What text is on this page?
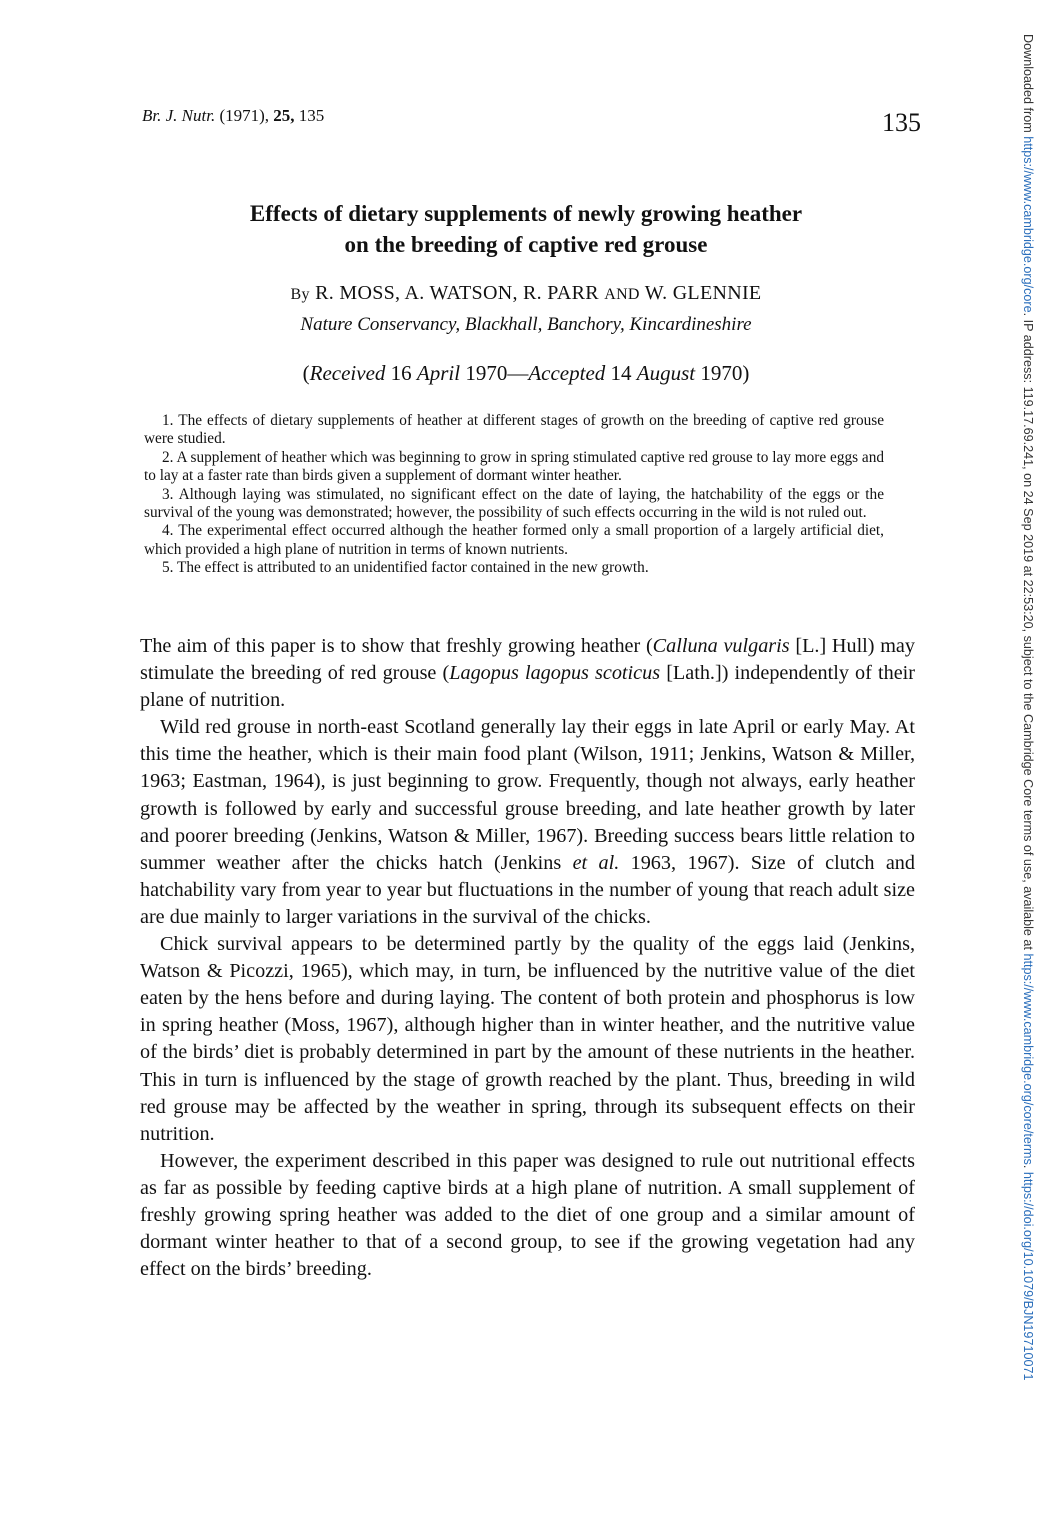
Br. J. Nutr. (1971), 25, 135	135
Effects of dietary supplements of newly growing heather
on the breeding of captive red grouse
By R. MOSS, A. WATSON, R. PARR AND W. GLENNIE
Nature Conservancy, Blackhall, Banchory, Kincardineshire
(Received 16 April 1970—Accepted 14 August 1970)
1. The effects of dietary supplements of heather at different stages of growth on the breeding of captive red grouse were studied.
2. A supplement of heather which was beginning to grow in spring stimulated captive red grouse to lay more eggs and to lay at a faster rate than birds given a supplement of dormant winter heather.
3. Although laying was stimulated, no significant effect on the date of laying, the hatchability of the eggs or the survival of the young was demonstrated; however, the possibility of such effects occurring in the wild is not ruled out.
4. The experimental effect occurred although the heather formed only a small proportion of a largely artificial diet, which provided a high plane of nutrition in terms of known nutrients.
5. The effect is attributed to an unidentified factor contained in the new growth.

The aim of this paper is to show that freshly growing heather (Calluna vulgaris [L.] Hull) may stimulate the breeding of red grouse (Lagopus lagopus scoticus [Lath.]) independently of their plane of nutrition.

Wild red grouse in north-east Scotland generally lay their eggs in late April or early May. At this time the heather, which is their main food plant (Wilson, 1911; Jenkins, Watson & Miller, 1963; Eastman, 1964), is just beginning to grow. Frequently, though not always, early heather growth is followed by early and successful grouse breeding, and late heather growth by later and poorer breeding (Jenkins, Watson & Miller, 1967). Breeding success bears little relation to summer weather after the chicks hatch (Jenkins et al. 1963, 1967). Size of clutch and hatchability vary from year to year but fluctuations in the number of young that reach adult size are due mainly to larger variations in the survival of the chicks.

Chick survival appears to be determined partly by the quality of the eggs laid (Jenkins, Watson & Picozzi, 1965), which may, in turn, be influenced by the nutritive value of the diet eaten by the hens before and during laying. The content of both protein and phosphorus is low in spring heather (Moss, 1967), although higher than in winter heather, and the nutritive value of the birds’ diet is probably determined in part by the amount of these nutrients in the heather. This in turn is influenced by the stage of growth reached by the plant. Thus, breeding in wild red grouse may be affected by the weather in spring, through its subsequent effects on their nutrition.

However, the experiment described in this paper was designed to rule out nutritional effects as far as possible by feeding captive birds at a high plane of nutrition. A small supplement of freshly growing spring heather was added to the diet of one group and a similar amount of dormant winter heather to that of a second group, to see if the growing vegetation had any effect on the birds’ breeding.

Downloaded from https://www.cambridge.org/core. IP address: 119.17.69.241, on 24 Sep 2019 at 22:53:20, subject to the Cambridge Core terms of use, available at https://www.cambridge.org/core/terms. https://doi.org/10.1079/BJN19710071
